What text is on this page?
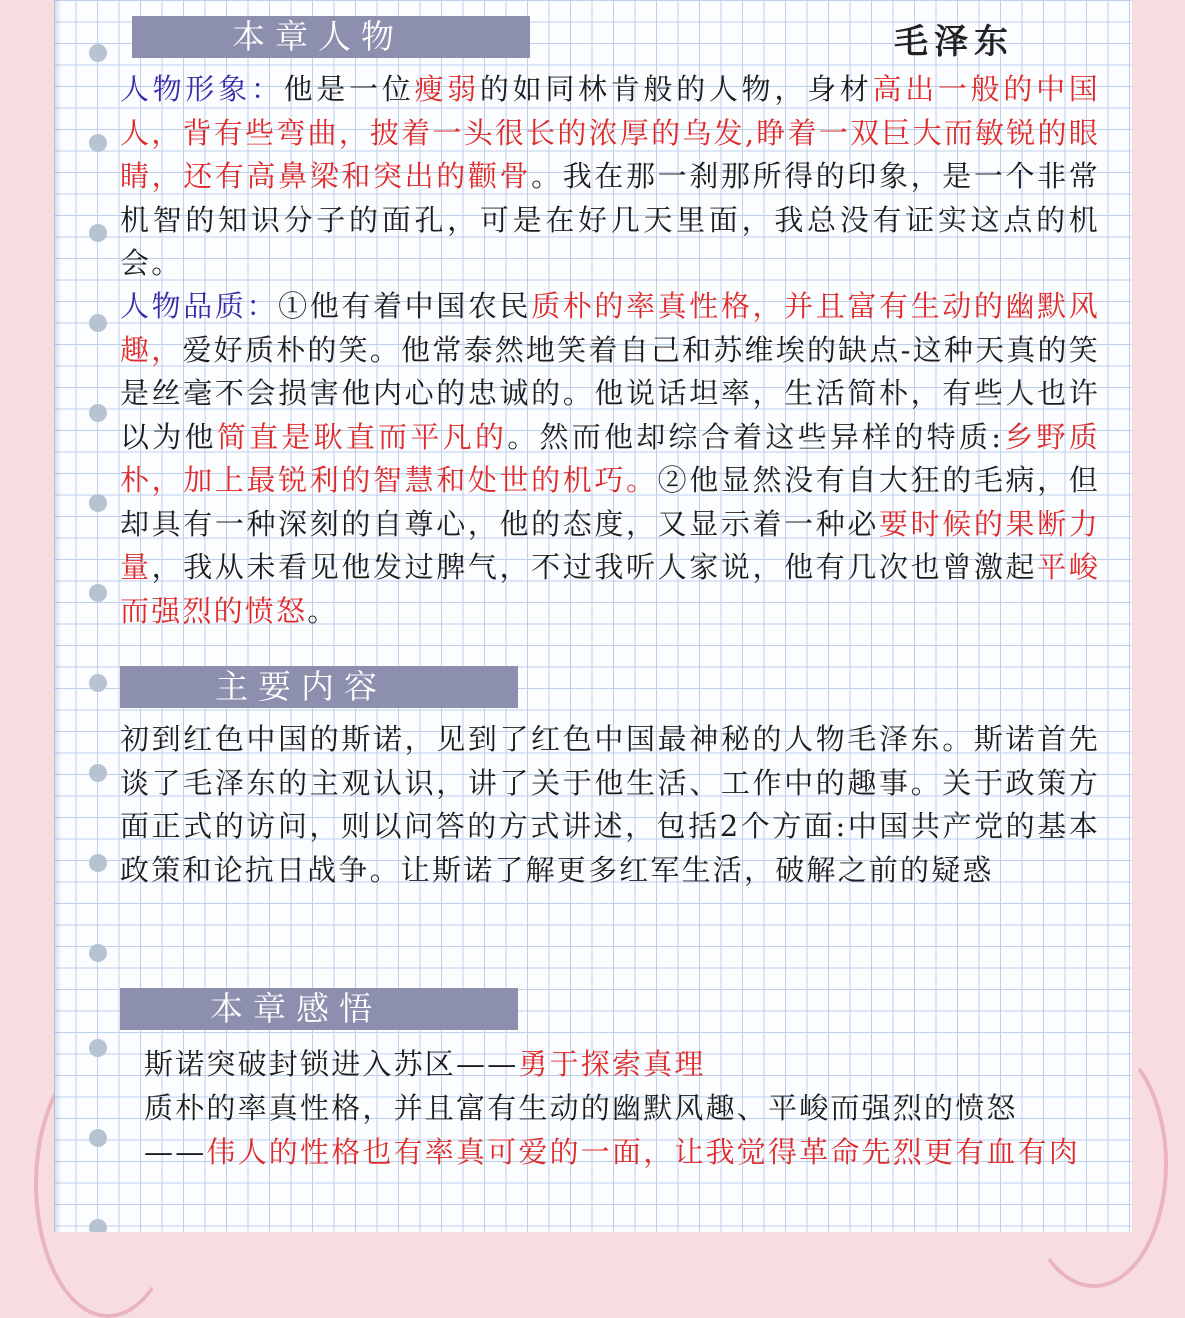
本章人物	毛泽东

人物形象：他是一位瘦弱的如同林肯般的人物，身材高出一般的中国人，背有些弯曲，披着一头很长的浓厚的乌发,睁着一双巨大而敏锐的眼睛，还有高鼻梁和突出的颧骨。我在那一刹那所得的印象，是一个非常机智的知识分子的面孔，可是在好几天里面，我总没有证实这点的机会。

人物品质：①他有着中国农民质朴的率真性格，并且富有生动的幽默风趣，爱好质朴的笑。他常泰然地笑着自己和苏维埃的缺点-这种天真的笑是丝毫不会损害他内心的忠诚的。他说话坦率，生活简朴，有些人也许以为他简直是耿直而平凡的。然而他却综合着这些异样的特质:乡野质朴，加上最锐利的智慧和处世的机巧。②他显然没有自大狂的毛病，但却具有一种深刻的自尊心，他的态度，又显示着一种必要时候的果断力量，我从未看见他发过脾气，不过我听人家说，他有几次也曾激起平峻而强烈的愤怒。

主要内容

初到红色中国的斯诺，见到了红色中国最神秘的人物毛泽东。斯诺首先谈了毛泽东的主观认识，讲了关于他生活、工作中的趣事。关于政策方面正式的访问，则以问答的方式讲述，包括2个方面:中国共产党的基本政策和论抗日战争。让斯诺了解更多红军生活，破解之前的疑惑

本章感悟
斯诺突破封锁进入苏区——勇于探索真理
质朴的率真性格，并且富有生动的幽默风趣、平峻而强烈的愤怒
——伟人的性格也有率真可爱的一面，让我觉得革命先烈更有血有肉
